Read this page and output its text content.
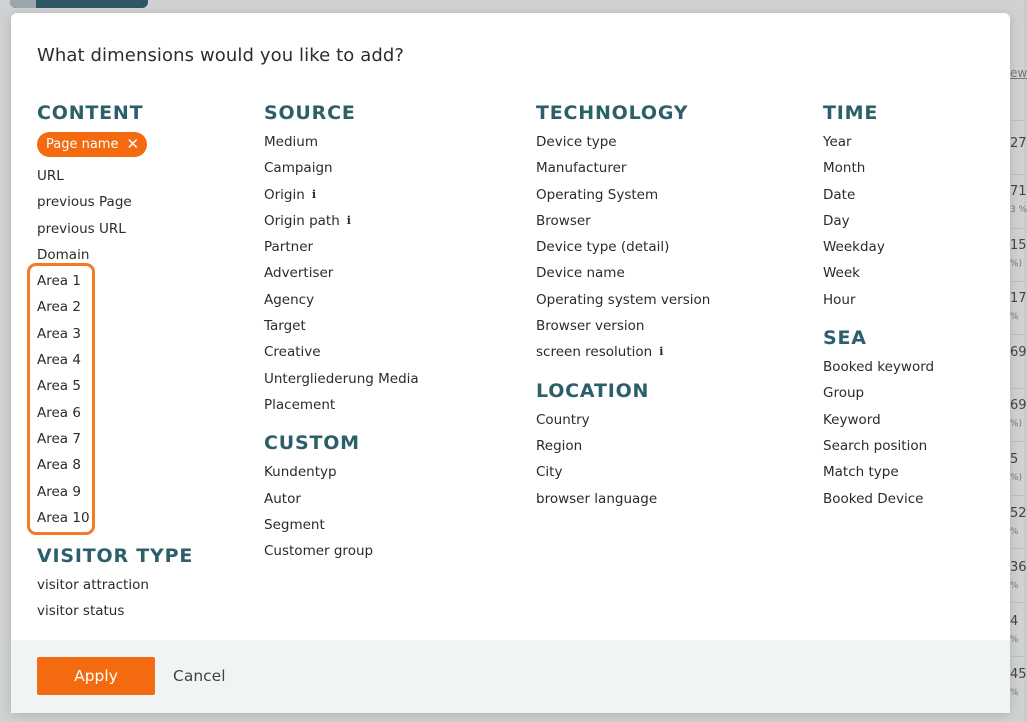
ew
27
71
3 %
15
%)
17
%
69
69
%)
5
%)
52
%
36
%
4
%
45
%
What dimensions would you like to add?
CONTENT
Page name ✕
URL
previous Page
previous URL
Domain
Area 1
Area 2
Area 3
Area 4
Area 5
Area 6
Area 7
Area 8
Area 9
Area 10
VISITOR TYPE
visitor attraction
visitor status
SOURCE
Medium
Campaign
Origin i
Origin path i
Partner
Advertiser
Agency
Target
Creative
Untergliederung Media
Placement
CUSTOM
Kundentyp
Autor
Segment
Customer group
TECHNOLOGY
Device type
Manufacturer
Operating System
Browser
Device type (detail)
Device name
Operating system version
Browser version
screen resolution i
LOCATION
Country
Region
City
browser language
TIME
Year
Month
Date
Day
Weekday
Week
Hour
SEA
Booked keyword
Group
Keyword
Search position
Match type
Booked Device
Apply	Cancel
